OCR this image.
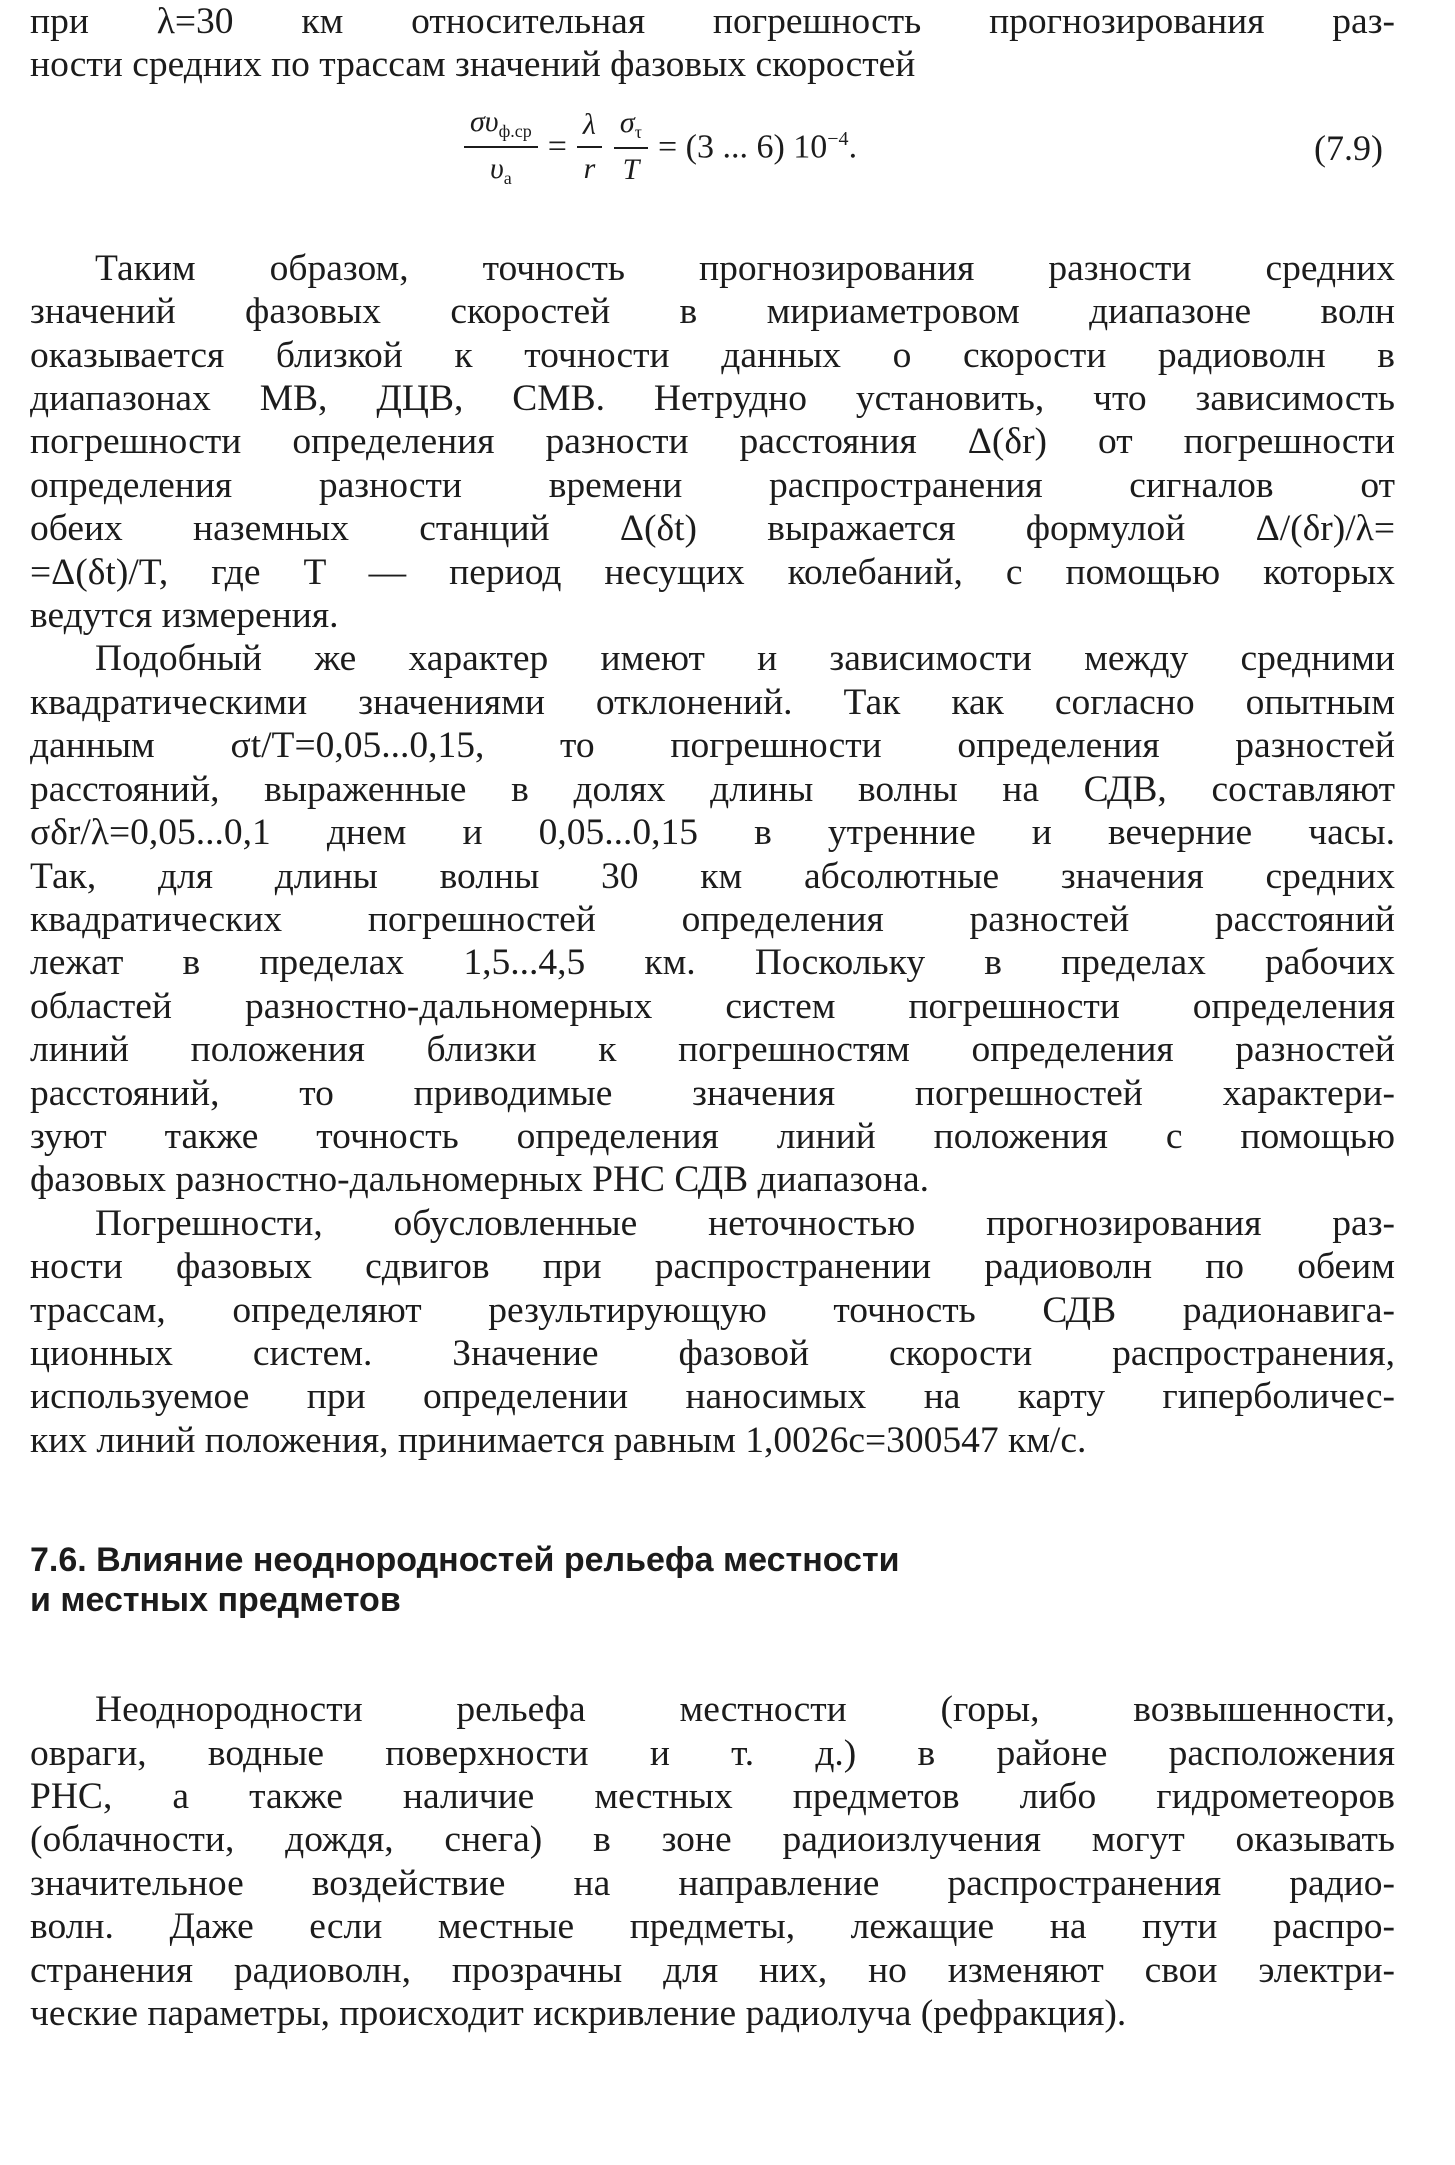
при λ=30 км относительная погрешность прогнозирования раз-
ности средних по трассам значений фазовых скоростей
$\frac{\sigma\upsilon_{ф.ср}}{\upsilon_a} = \frac{\lambda}{r} \frac{\sigma_\tau}{T} = (3$ ... 6) $10^{-4}$.	(7.9)
Таким образом, точность прогнозирования разности средних
значений фазовых скоростей в мириаметровом диапазоне волн
оказывается близкой к точности данных о скорости радиоволн в
диапазонах МВ, ДЦВ, СМВ. Нетрудно установить, что зависимость
погрешности определения разности расстояния Δ(δr) от погрешности
определения разности времени распространения сигналов от
обеих наземных станций Δ(δt) выражается формулой Δ/(δr)/λ=
=Δ(δt)/T, где T — период несущих колебаний, с помощью которых
ведутся измерения.
Подобный же характер имеют и зависимости между средними
квадратическими значениями отклонений. Так как согласно опытным
данным σt/T=0,05...0,15, то погрешности определения разностей
расстояний, выраженные в долях длины волны на СДВ, составляют
σδr/λ=0,05...0,1 днем и 0,05...0,15 в утренние и вечерние часы.
Так, для длины волны 30 км абсолютные значения средних
квадратических погрешностей определения разностей расстояний
лежат в пределах 1,5...4,5 км. Поскольку в пределах рабочих
областей разностно-дальномерных систем погрешности определения
линий положения близки к погрешностям определения разностей
расстояний, то приводимые значения погрешностей характери-
зуют также точность определения линий положения с помощью
фазовых разностно-дальномерных РНС СДВ диапазона.
Погрешности, обусловленные неточностью прогнозирования раз-
ности фазовых сдвигов при распространении радиоволн по обеим
трассам, определяют результирующую точность СДВ радионавига-
ционных систем. Значение фазовой скорости распространения,
используемое при определении наносимых на карту гиперболичес-
ких линий положения, принимается равным 1,0026c=300547 км/с.
7.6. Влияние неоднородностей рельефа местности
и местных предметов
Неоднородности рельефа местности (горы, возвышенности,
овраги, водные поверхности и т. д.) в районе расположения
РНС, а также наличие местных предметов либо гидрометеоров
(облачности, дождя, снега) в зоне радиоизлучения могут оказывать
значительное воздействие на направление распространения радио-
волн. Даже если местные предметы, лежащие на пути распро-
странения радиоволн, прозрачны для них, но изменяют свои электри-
ческие параметры, происходит искривление радиолуча (рефракция).
